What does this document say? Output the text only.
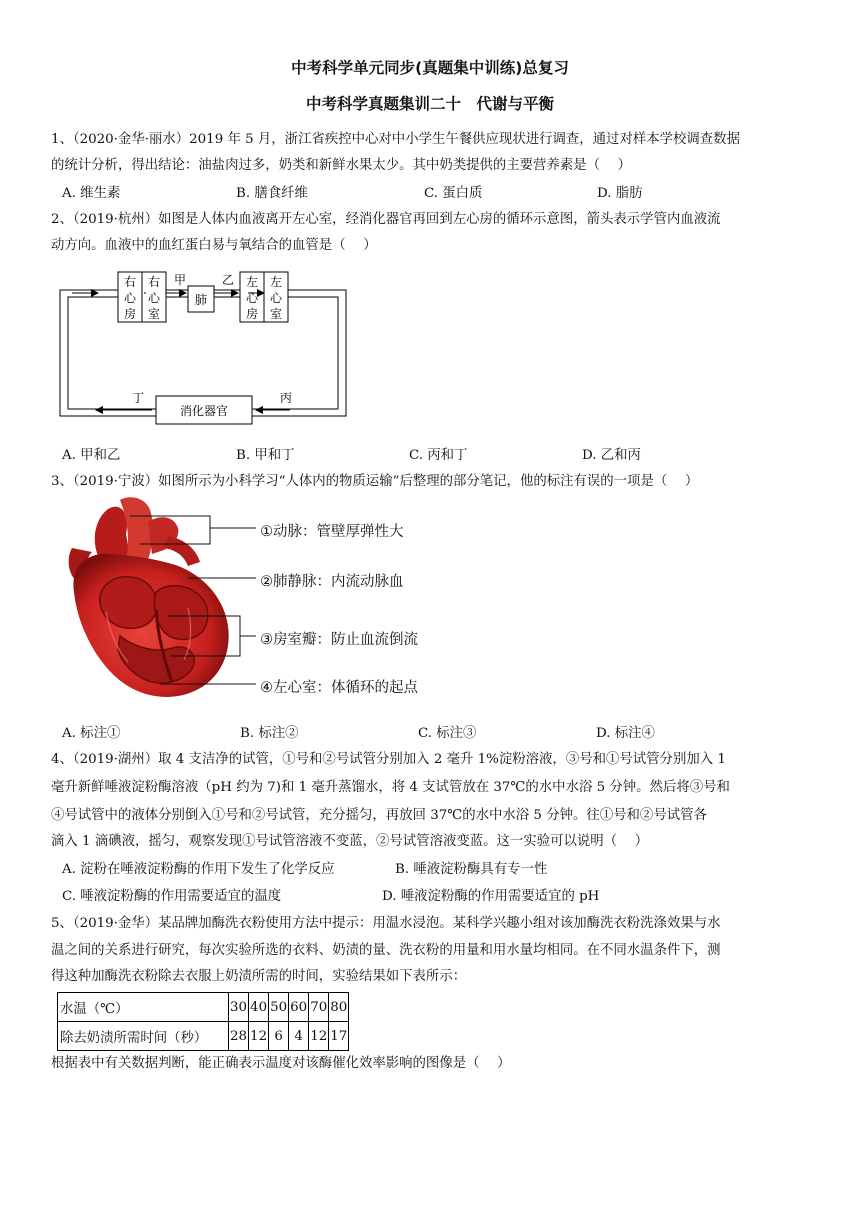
中考科学单元同步(真题集中训练)总复习
中考科学真题集训二十　代谢与平衡
1、（2020·金华·丽水）2019 年 5 月，浙江省疾控中心对中小学生午餐供应现状进行调查，通过对样本学校调查数据
的统计分析，得出结论：油盐肉过多，奶类和新鲜水果太少。其中奶类提供的主要营养素是（　 ）
A. 维生素	B. 膳食纤维	C. 蛋白质	D. 脂肪
2、（2019·杭州）如图是人体内血液离开左心室，经消化器官再回到左心房的循环示意图，箭头表示学管内血液流
动方向。血液中的血红蛋白易与氧结合的血管是（　 ）
右
心
房
右
心
室
肺
左
心
房
左
心
室
甲	乙
消化器官
丁	丙
A. 甲和乙	B. 甲和丁	C. 丙和丁	D. 乙和丙
3、（2019·宁波）如图所示为小科学习“人体内的物质运输”后整理的部分笔记，他的标注有误的一项是（　 ）
①动脉：管壁厚弹性大
②肺静脉：内流动脉血
③房室瓣：防止血流倒流
④左心室：体循环的起点
A. 标注①	B. 标注②	C. 标注③	D. 标注④
4、（2019·湖州）取 4 支洁净的试管，①号和②号试管分别加入 2 毫升 1%淀粉溶液，③号和①号试管分别加入 1
毫升新鲜唾液淀粉酶溶液（pH 约为 7)和 1 毫升蒸馏水，将 4 支试管放在 37℃的水中水浴 5 分钟。然后将③号和
④号试管中的液体分别倒入①号和②号试管，充分摇匀，再放回 37℃的水中水浴 5 分钟。往①号和②号试管各
滴入 1 滴碘液，摇匀，观察发现①号试管溶液不变蓝，②号试管溶液变蓝。这一实验可以说明（　 ）
A. 淀粉在唾液淀粉酶的作用下发生了化学反应	B. 唾液淀粉酶具有专一性
C. 唾液淀粉酶的作用需要适宜的温度	D. 唾液淀粉酶的作用需要适宜的 pH
5、（2019·金华）某品牌加酶洗衣粉使用方法中提示：用温水浸泡。某科学兴趣小组对该加酶洗衣粉洗涤效果与水
温之间的关系进行研究，每次实验所选的衣料、奶渍的量、洗衣粉的用量和用水量均相同。在不同水温条件下，测
得这种加酶洗衣粉除去衣服上奶渍所需的时间，实验结果如下表所示：
水温（℃）	30	40	50	60	70	80
除去奶渍所需时间（秒）	28	12	6	4	12	17
根据表中有关数据判断，能正确表示温度对该酶催化效率影响的图像是（　 ）
